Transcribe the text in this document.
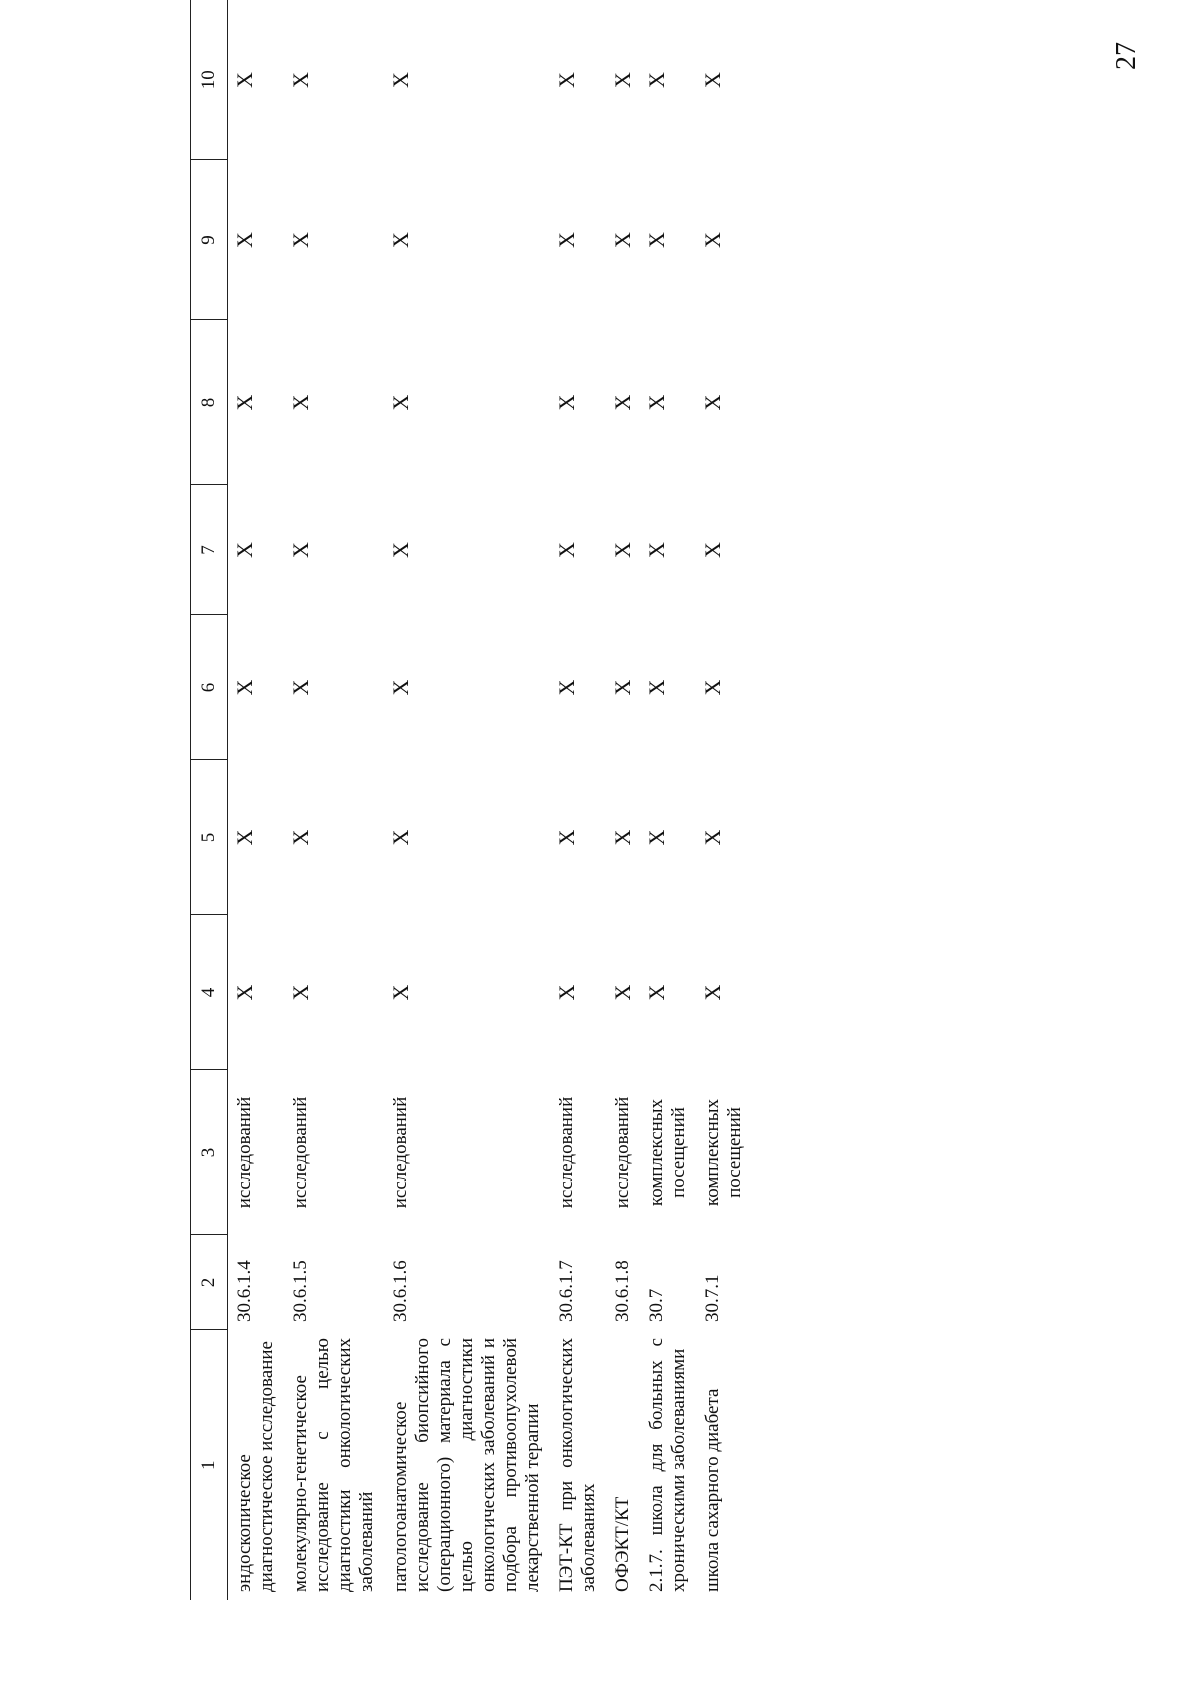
27
1	2	3	4	5	6	7	8	9	10
эндоскопическое диагностическое исследование	30.6.1.4	исследований	X	X	X	X	X	X	X
молекулярно-генетическое исследование с целью диагностики онкологических заболеваний	30.6.1.5	исследований	X	X	X	X	X	X	X
патологоанатомическое исследование биопсийного (операционного) материала с целью диагностики онкологических заболеваний и подбора противоопухолевой лекарственной терапии	30.6.1.6	исследований	X	X	X	X	X	X	X
ПЭТ-КТ при онкологических заболеваниях	30.6.1.7	исследований	X	X	X	X	X	X	X
ОФЭКТ/КТ	30.6.1.8	исследований	X	X	X	X	X	X	X
2.1.7. школа для больных с хроническими заболеваниями	30.7	комплексных посещений	X	X	X	X	X	X	X
школа сахарного диабета	30.7.1	комплексных посещений	X	X	X	X	X	X	X
